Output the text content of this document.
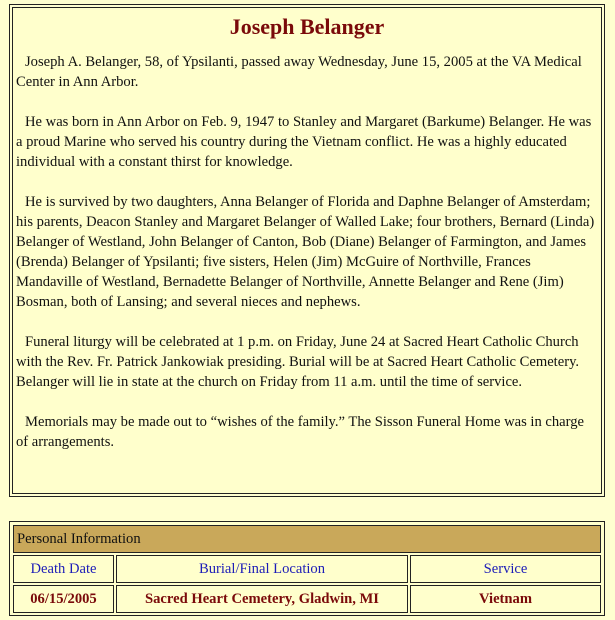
Joseph Belanger

Joseph A. Belanger, 58, of Ypsilanti, passed away Wednesday, June 15, 2005 at the VA Medical Center in Ann Arbor.

He was born in Ann Arbor on Feb. 9, 1947 to Stanley and Margaret (Barkume) Belanger. He was a proud Marine who served his country during the Vietnam conflict. He was a highly educated individual with a constant thirst for knowledge.

He is survived by two daughters, Anna Belanger of Florida and Daphne Belanger of Amsterdam; his parents, Deacon Stanley and Margaret Belanger of Walled Lake; four brothers, Bernard (Linda) Belanger of Westland, John Belanger of Canton, Bob (Diane) Belanger of Farmington, and James (Brenda) Belanger of Ypsilanti; five sisters, Helen (Jim) McGuire of Northville, Frances Mandaville of Westland, Bernadette Belanger of Northville, Annette Belanger and Rene (Jim) Bosman, both of Lansing; and several nieces and nephews.

Funeral liturgy will be celebrated at 1 p.m. on Friday, June 24 at Sacred Heart Catholic Church with the Rev. Fr. Patrick Jankowiak presiding. Burial will be at Sacred Heart Catholic Cemetery. Belanger will lie in state at the church on Friday from 11 a.m. until the time of service.

Memorials may be made out to “wishes of the family.” The Sisson Funeral Home was in charge of arrangements.

Personal Information		
Death Date	Burial/Final Location	Service
06/15/2005	Sacred Heart Cemetery, Gladwin, MI	Vietnam
